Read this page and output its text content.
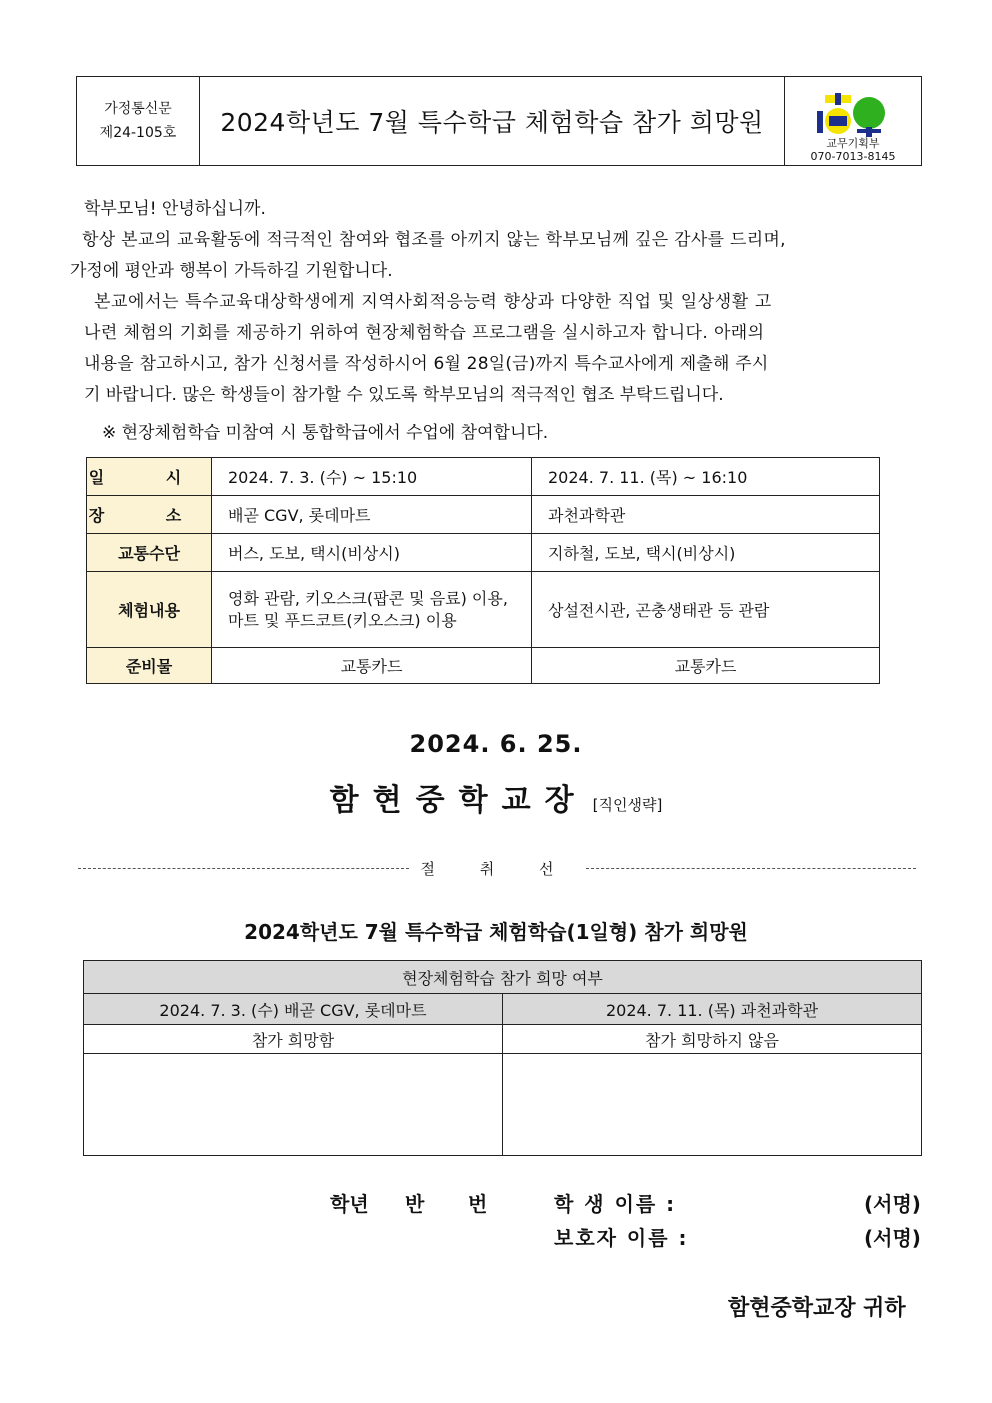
가정통신문
제24-105호	2024학년도 7월 특수학급 체험학습 참가 희망원
교무기획부
070-7013-8145
학부모님! 안녕하십니까.
항상 본교의 교육활동에 적극적인 참여와 협조를 아끼지 않는 학부모님께 깊은 감사를 드리며,
가정에 평안과 행복이 가득하길 기원합니다.
본교에서는 특수교육대상학생에게 지역사회적응능력 향상과 다양한 직업 및 일상생활 고
나련 체험의 기회를 제공하기 위하여 현장체험학습 프로그램을 실시하고자 합니다. 아래의
내용을 참고하시고, 참가 신청서를 작성하시어 6월 28일(금)까지 특수교사에게 제출해 주시
기 바랍니다. 많은 학생들이 참가할 수 있도록 학부모님의 적극적인 협조 부탁드립니다.
※ 현장체험학습 미참여 시 통합학급에서 수업에 참여합니다.
일 시	2024. 7. 3. (수) ~ 15:10	2024. 7. 11. (목) ~ 16:10
장 소	배곧 CGV, 롯데마트	과천과학관
교통수단	버스, 도보, 택시(비상시)	지하철, 도보, 택시(비상시)
체험내용	영화 관람, 키오스크(팝콘 및 음료) 이용, 마트 및 푸드코트(키오스크) 이용	상설전시관, 곤충생태관 등 관람
준비물	교통카드	교통카드
2024. 6. 25.
함현중학교장 [직인생략]
절 취 선
2024학년도 7월 특수학급 체험학습(1일형) 참가 희망원
현장체험학습 참가 희망 여부	
2024. 7. 3. (수) 배곧 CGV, 롯데마트	2024. 7. 11. (목) 과천과학관
참가 희망함	참가 희망하지 않음

학년 반 번	학 생 이름 :	(서명)
보호자 이름 :	(서명)
함현중학교장 귀하
